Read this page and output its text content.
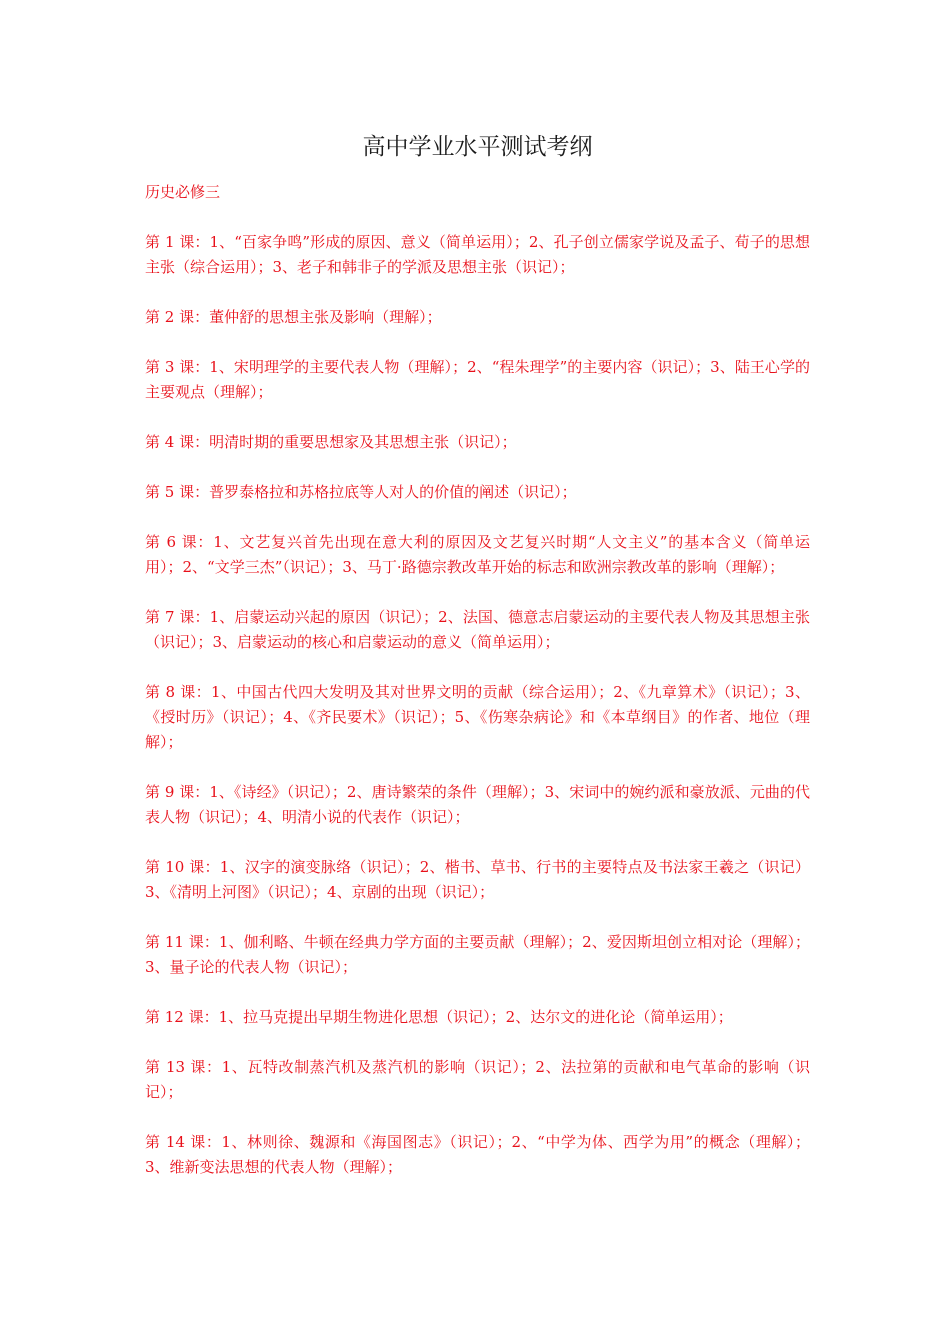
高中学业水平测试考纲

历史必修三

第 1 课：1、“百家争鸣”形成的原因、意义（简单运用）；2、孔子创立儒家学说及孟子、荀子的思想主张（综合运用）；3、老子和韩非子的学派及思想主张（识记）；

第 2 课：董仲舒的思想主张及影响（理解）；

第 3 课：1、宋明理学的主要代表人物（理解）；2、“程朱理学”的主要内容（识记）；3、陆王心学的主要观点（理解）；

第 4 课：明清时期的重要思想家及其思想主张（识记）；

第 5 课：普罗泰格拉和苏格拉底等人对人的价值的阐述（识记）；

第 6 课：1、文艺复兴首先出现在意大利的原因及文艺复兴时期“人文主义”的基本含义（简单运用）；2、“文学三杰”（识记）；3、马丁·路德宗教改革开始的标志和欧洲宗教改革的影响（理解）；

第 7 课：1、启蒙运动兴起的原因（识记）；2、法国、德意志启蒙运动的主要代表人物及其思想主张（识记）；3、启蒙运动的核心和启蒙运动的意义（简单运用）；

第 8 课：1、中国古代四大发明及其对世界文明的贡献（综合运用）；2、《九章算术》（识记）；3、《授时历》（识记）；4、《齐民要术》（识记）；5、《伤寒杂病论》和《本草纲目》的作者、地位（理解）；

第 9 课：1、《诗经》（识记）；2、唐诗繁荣的条件（理解）；3、宋词中的婉约派和豪放派、元曲的代表人物（识记）；4、明清小说的代表作（识记）；

第 10 课：1、汉字的演变脉络（识记）；2、楷书、草书、行书的主要特点及书法家王羲之（识记）3、《清明上河图》（识记）；4、京剧的出现（识记）；

第 11 课：1、伽利略、牛顿在经典力学方面的主要贡献（理解）；2、爱因斯坦创立相对论（理解）；3、量子论的代表人物（识记）；

第 12 课：1、拉马克提出早期生物进化思想（识记）；2、达尔文的进化论（简单运用）；

第 13 课：1、瓦特改制蒸汽机及蒸汽机的影响（识记）；2、法拉第的贡献和电气革命的影响（识记）；

第 14 课：1、林则徐、魏源和《海国图志》（识记）；2、“中学为体、西学为用”的概念（理解）；3、维新变法思想的代表人物（理解）；
